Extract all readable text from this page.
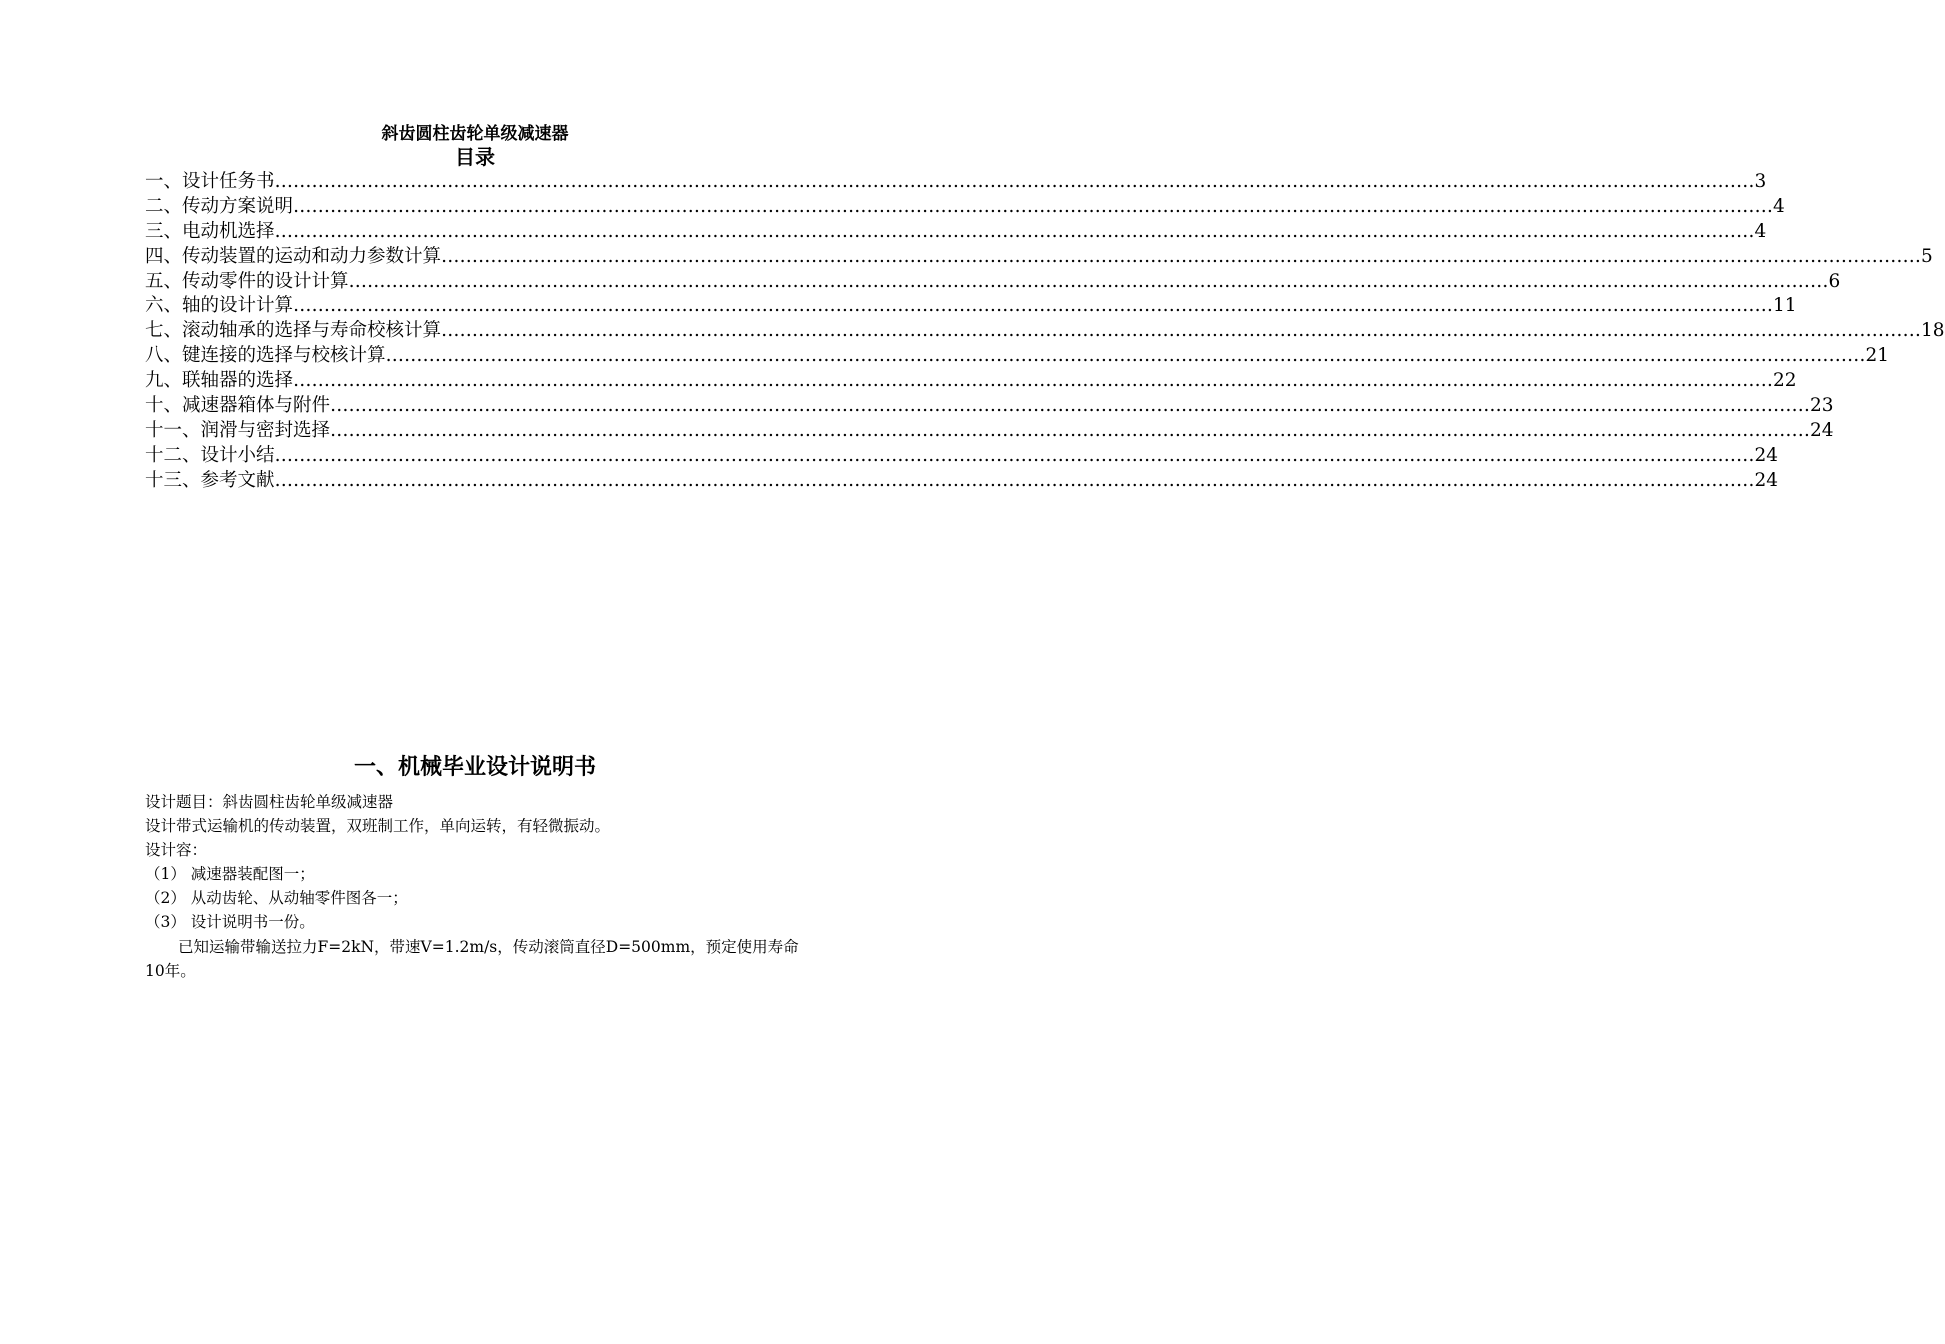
斜齿圆柱齿轮单级减速器
目录
一、设计任务书 …………………………………………………………………………………………………………………………………………………………………………………………………………………… 3
二、传动方案说明 …………………………………………………………………………………………………………………………………………………………………………………………………………………… 4
三、电动机选择 …………………………………………………………………………………………………………………………………………………………………………………………………………………… 4
四、传动装置的运动和动力参数计算 …………………………………………………………………………………………………………………………………………………………………………………………………………………… 5
五、传动零件的设计计算 …………………………………………………………………………………………………………………………………………………………………………………………………………………… 6
六、轴的设计计算 …………………………………………………………………………………………………………………………………………………………………………………………………………………… 11
七、滚动轴承的选择与寿命校核计算 …………………………………………………………………………………………………………………………………………………………………………………………………………………… 18
八、键连接的选择与校核计算 …………………………………………………………………………………………………………………………………………………………………………………………………………………… 21
九、联轴器的选择 …………………………………………………………………………………………………………………………………………………………………………………………………………………… 22
十、减速器箱体与附件 …………………………………………………………………………………………………………………………………………………………………………………………………………………… 23
十一、润滑与密封选择 …………………………………………………………………………………………………………………………………………………………………………………………………………………… 24
十二、设计小结 …………………………………………………………………………………………………………………………………………………………………………………………………………………… 24
十三、参考文献 …………………………………………………………………………………………………………………………………………………………………………………………………………………… 24
一、机械毕业设计说明书

设计题目：斜齿圆柱齿轮单级减速器

设计带式运输机的传动装置，双班制工作，单向运转，有轻微振动。

设计容：

（1） 减速器装配图一；

（2） 从动齿轮、从动轴零件图各一；

（3） 设计说明书一份。

已知运输带输送拉力F=2kN，带速V=1.2m/s，传动滚筒直径D=500mm，预定使用寿命10年。
